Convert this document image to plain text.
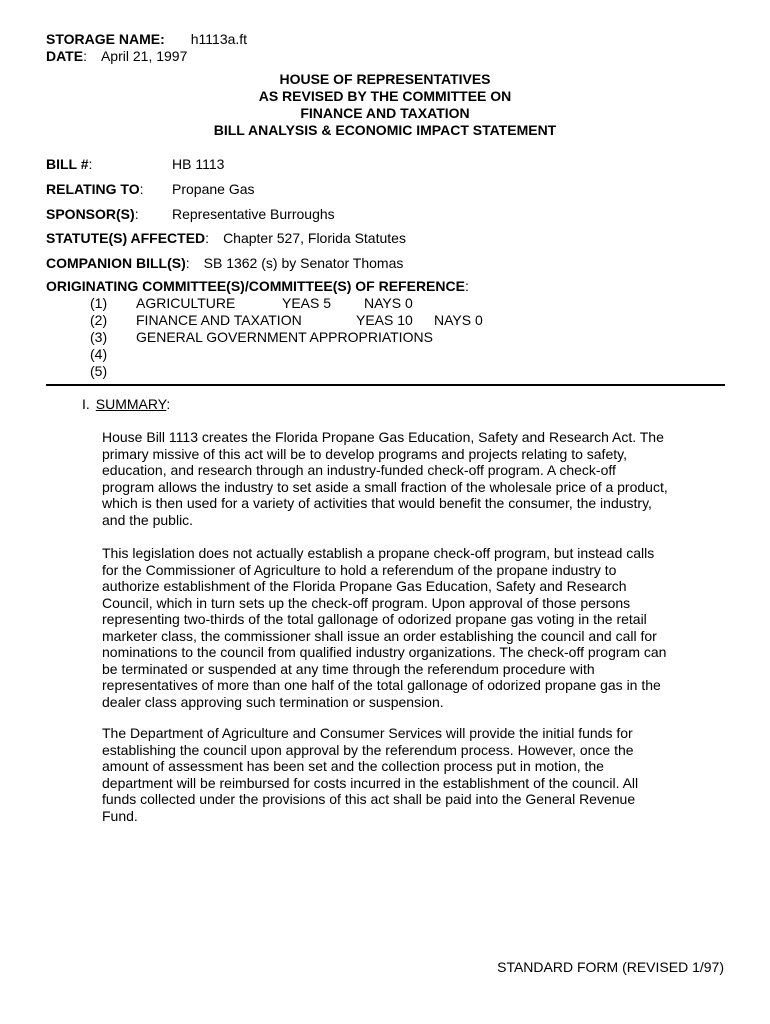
STORAGE NAME: h1113a.ft
DATE: April 21, 1997
HOUSE OF REPRESENTATIVES
AS REVISED BY THE COMMITTEE ON
FINANCE AND TAXATION
BILL ANALYSIS & ECONOMIC IMPACT STATEMENT
BILL #:	HB 1113
RELATING TO: Propane Gas
SPONSOR(S): Representative Burroughs
STATUTE(S) AFFECTED: Chapter 527, Florida Statutes
COMPANION BILL(S): SB 1362 (s) by Senator Thomas
ORIGINATING COMMITTEE(S)/COMMITTEE(S) OF REFERENCE:
(1) AGRICULTURE	YEAS 5 NAYS 0
(2) FINANCE AND TAXATION	YEAS 10 NAYS 0
(3) GENERAL GOVERNMENT APPROPRIATIONS
(4)
(5)
I. SUMMARY:
House Bill 1113 creates the Florida Propane Gas Education, Safety and Research Act. The
primary missive of this act will be to develop programs and projects relating to safety,
education, and research through an industry-funded check-off program. A check-off
program allows the industry to set aside a small fraction of the wholesale price of a product,
which is then used for a variety of activities that would benefit the consumer, the industry,
and the public.
This legislation does not actually establish a propane check-off program, but instead calls
for the Commissioner of Agriculture to hold a referendum of the propane industry to
authorize establishment of the Florida Propane Gas Education, Safety and Research
Council, which in turn sets up the check-off program. Upon approval of those persons
representing two-thirds of the total gallonage of odorized propane gas voting in the retail
marketer class, the commissioner shall issue an order establishing the council and call for
nominations to the council from qualified industry organizations. The check-off program can
be terminated or suspended at any time through the referendum procedure with
representatives of more than one half of the total gallonage of odorized propane gas in the
dealer class approving such termination or suspension.
The Department of Agriculture and Consumer Services will provide the initial funds for
establishing the council upon approval by the referendum process. However, once the
amount of assessment has been set and the collection process put in motion, the
department will be reimbursed for costs incurred in the establishment of the council. All
funds collected under the provisions of this act shall be paid into the General Revenue
Fund.
STANDARD FORM (REVISED 1/97)
